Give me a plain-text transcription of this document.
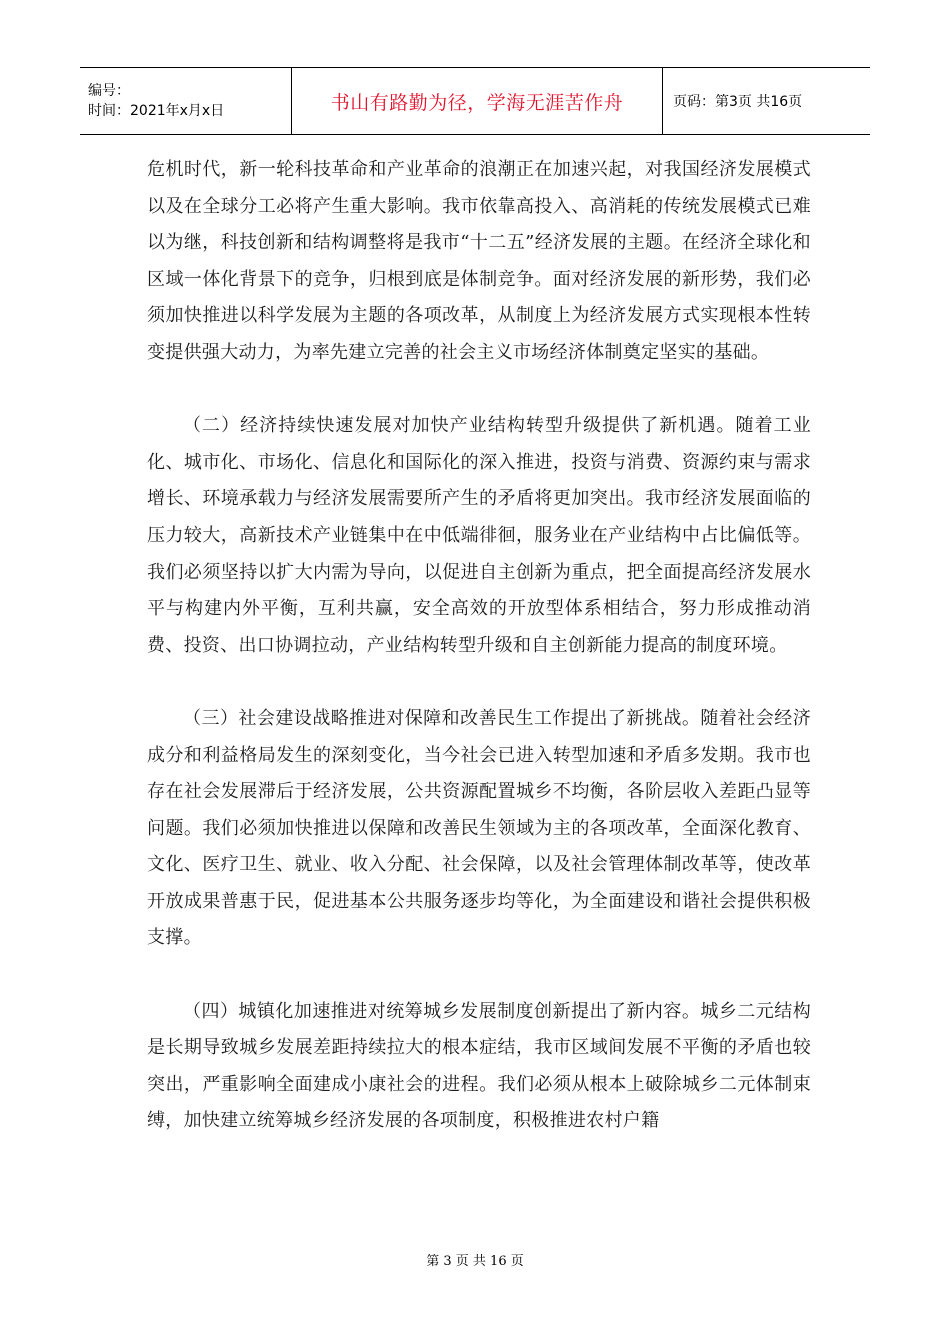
编号：
时间：2021年x月x日	书山有路勤为径，学海无涯苦作舟	页码：第3页 共16页

危机时代，新一轮科技革命和产业革命的浪潮正在加速兴起，对我国经济发展模式以及在全球分工必将产生重大影响。我市依靠高投入、高消耗的传统发展模式已难以为继，科技创新和结构调整将是我市“十二五”经济发展的主题。在经济全球化和区域一体化背景下的竞争，归根到底是体制竞争。面对经济发展的新形势，我们必须加快推进以科学发展为主题的各项改革，从制度上为经济发展方式实现根本性转变提供强大动力，为率先建立完善的社会主义市场经济体制奠定坚实的基础。

（二）经济持续快速发展对加快产业结构转型升级提供了新机遇。随着工业化、城市化、市场化、信息化和国际化的深入推进，投资与消费、资源约束与需求增长、环境承载力与经济发展需要所产生的矛盾将更加突出。我市经济发展面临的压力较大，高新技术产业链集中在中低端徘徊，服务业在产业结构中占比偏低等。我们必须坚持以扩大内需为导向，以促进自主创新为重点，把全面提高经济发展水平与构建内外平衡，互利共赢，安全高效的开放型体系相结合，努力形成推动消费、投资、出口协调拉动，产业结构转型升级和自主创新能力提高的制度环境。

（三）社会建设战略推进对保障和改善民生工作提出了新挑战。随着社会经济成分和利益格局发生的深刻变化，当今社会已进入转型加速和矛盾多发期。我市也存在社会发展滞后于经济发展，公共资源配置城乡不均衡，各阶层收入差距凸显等问题。我们必须加快推进以保障和改善民生领域为主的各项改革，全面深化教育、文化、医疗卫生、就业、收入分配、社会保障，以及社会管理体制改革等，使改革开放成果普惠于民，促进基本公共服务逐步均等化，为全面建设和谐社会提供积极支撑。

（四）城镇化加速推进对统筹城乡发展制度创新提出了新内容。城乡二元结构是长期导致城乡发展差距持续拉大的根本症结，我市区域间发展不平衡的矛盾也较突出，严重影响全面建成小康社会的进程。我们必须从根本上破除城乡二元体制束缚，加快建立统筹城乡经济发展的各项制度，积极推进农村户籍

第 3 页 共 16 页
